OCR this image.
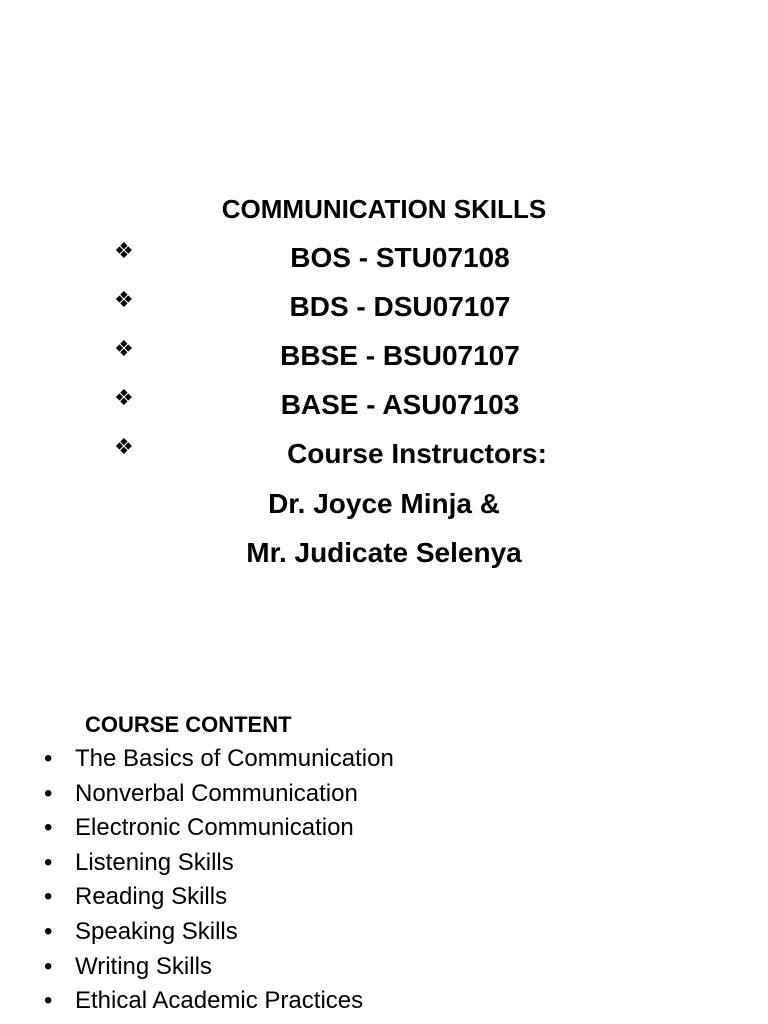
COMMUNICATION SKILLS
❖	BOS - STU07108
❖	BDS - DSU07107
❖	BBSE - BSU07107
❖	BASE - ASU07103
❖	Course Instructors:
Dr. Joyce Minja &
Mr. Judicate Selenya
COURSE CONTENT
• The Basics of Communication
• Nonverbal Communication
• Electronic Communication
• Listening Skills
• Reading Skills
• Speaking Skills
• Writing Skills
• Ethical Academic Practices
